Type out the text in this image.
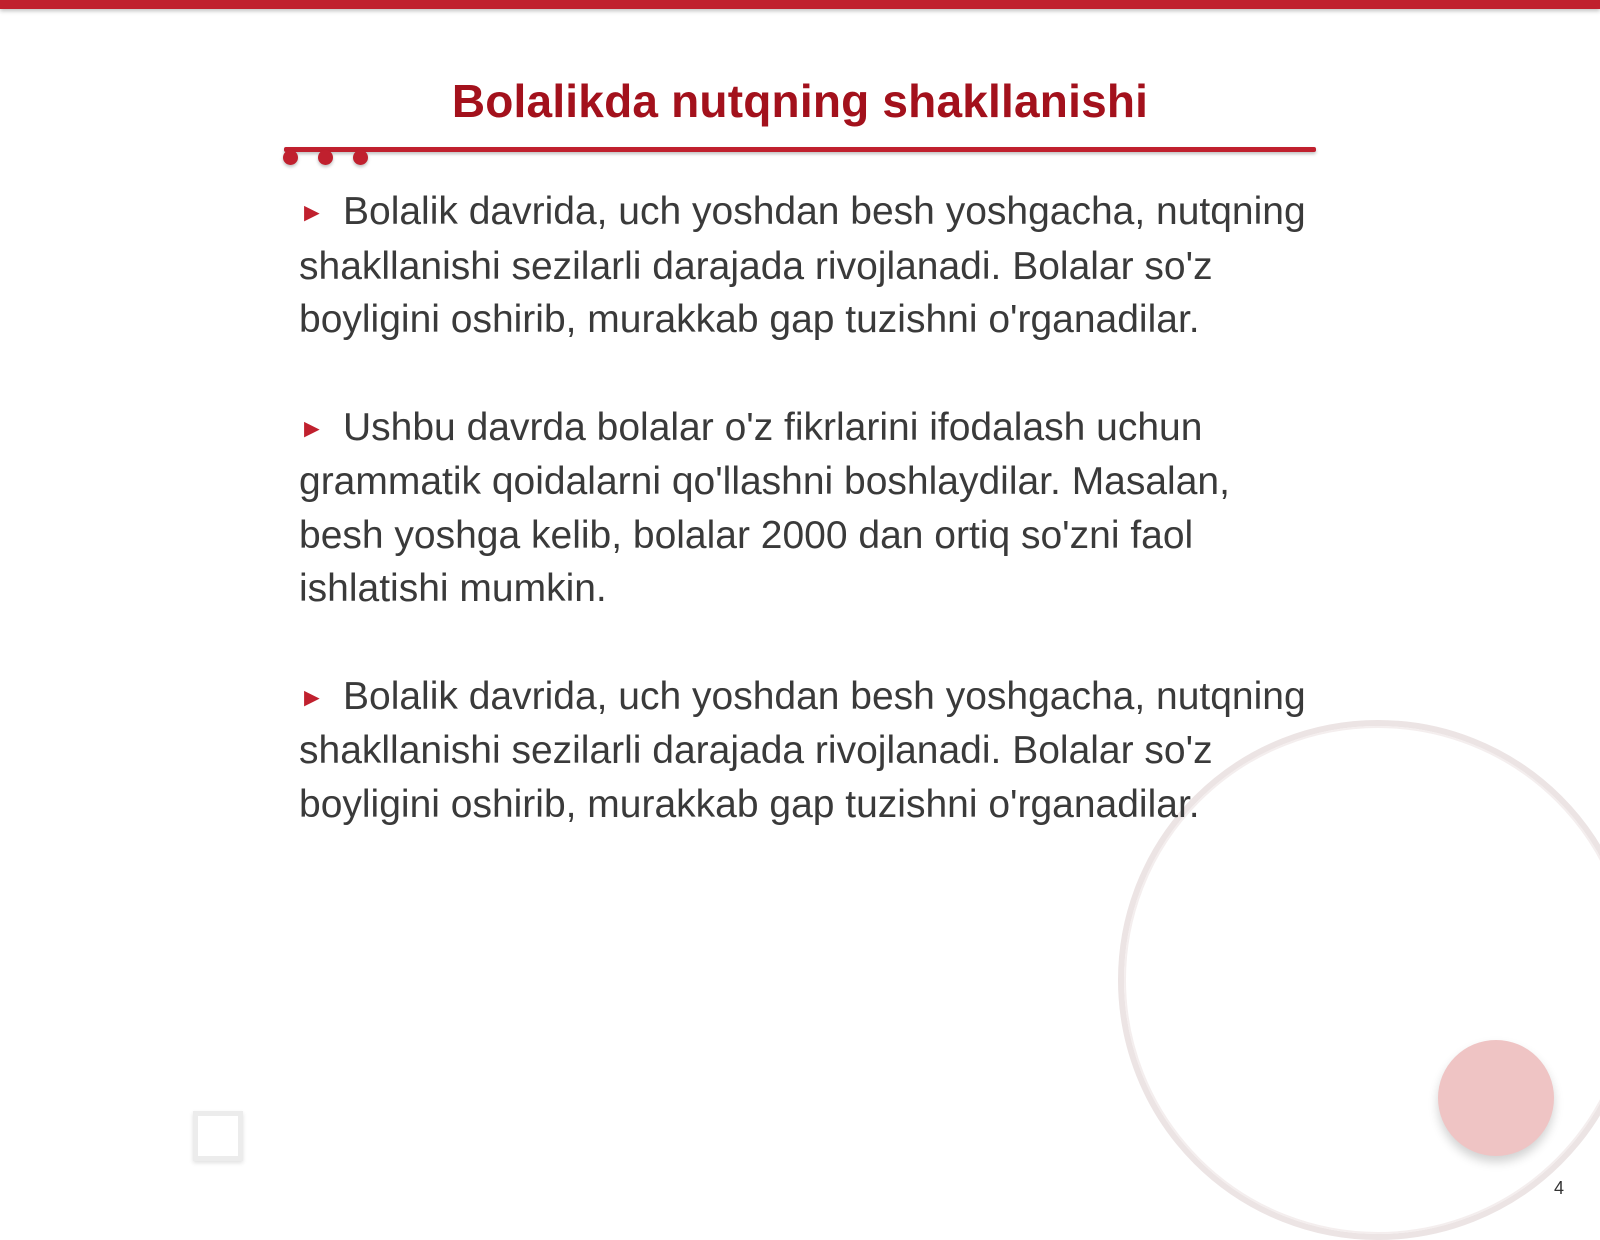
Bolalikda nutqning shakllanishi

► Bolalik davrida, uch yoshdan besh yoshgacha, nutqning shakllanishi sezilarli darajada rivojlanadi. Bolalar so'z boyligini oshirib, murakkab gap tuzishni o'rganadilar.

► Ushbu davrda bolalar o'z fikrlarini ifodalash uchun grammatik qoidalarni qo'llashni boshlaydilar. Masalan, besh yoshga kelib, bolalar 2000 dan ortiq so'zni faol ishlatishi mumkin.

► Bolalik davrida, uch yoshdan besh yoshgacha, nutqning shakllanishi sezilarli darajada rivojlanadi. Bolalar so'z boyligini oshirib, murakkab gap tuzishni o'rganadilar.

4
